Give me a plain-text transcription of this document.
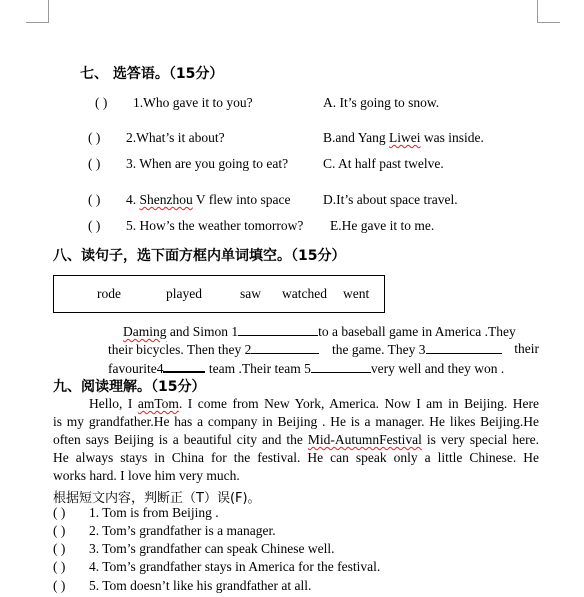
七、 选答语。（15分）
( ) 1.Who gave it to you?	A. It’s going to snow.
( ) 2.What’s it about?	B.and Yang Liwei was inside.
( ) 3. When are you going to eat?	C. At half past twelve.
( ) 4. Shenzhou V flew into space D.It’s about space travel.
( ) 5. How’s the weather tomorrow? E.He gave it to me.
八、读句子，选下面方框内单词填空。（15分）
rode	played	saw watched went
Daming and Simon 1	to a baseball game in America .They
their bicycles. Then they 2	the game. They 3	their
favourite4	team .Their team 5	very well and they won .
九、阅读理解。（15分）
Hello, I amTom. I come from New York, America. Now I am in Beijing. Here
is my grandfather.He has a company in Beijing . He is a manager. He likes Beijing.He
often says Beijing is a beautiful city and the Mid-AutumnFestival is very special here.
He always stays in China for the festival. He can speak only a little Chinese. He
works hard. I love him very much.
根据短文内容，判断正（T）误(F)。
( ) 1. Tom is from Beijing .
( ) 2. Tom’s grandfather is a manager.
( ) 3. Tom’s grandfather can speak Chinese well.
( ) 4. Tom’s grandfather stays in America for the festival.
( ) 5. Tom doesn’t like his grandfather at all.
